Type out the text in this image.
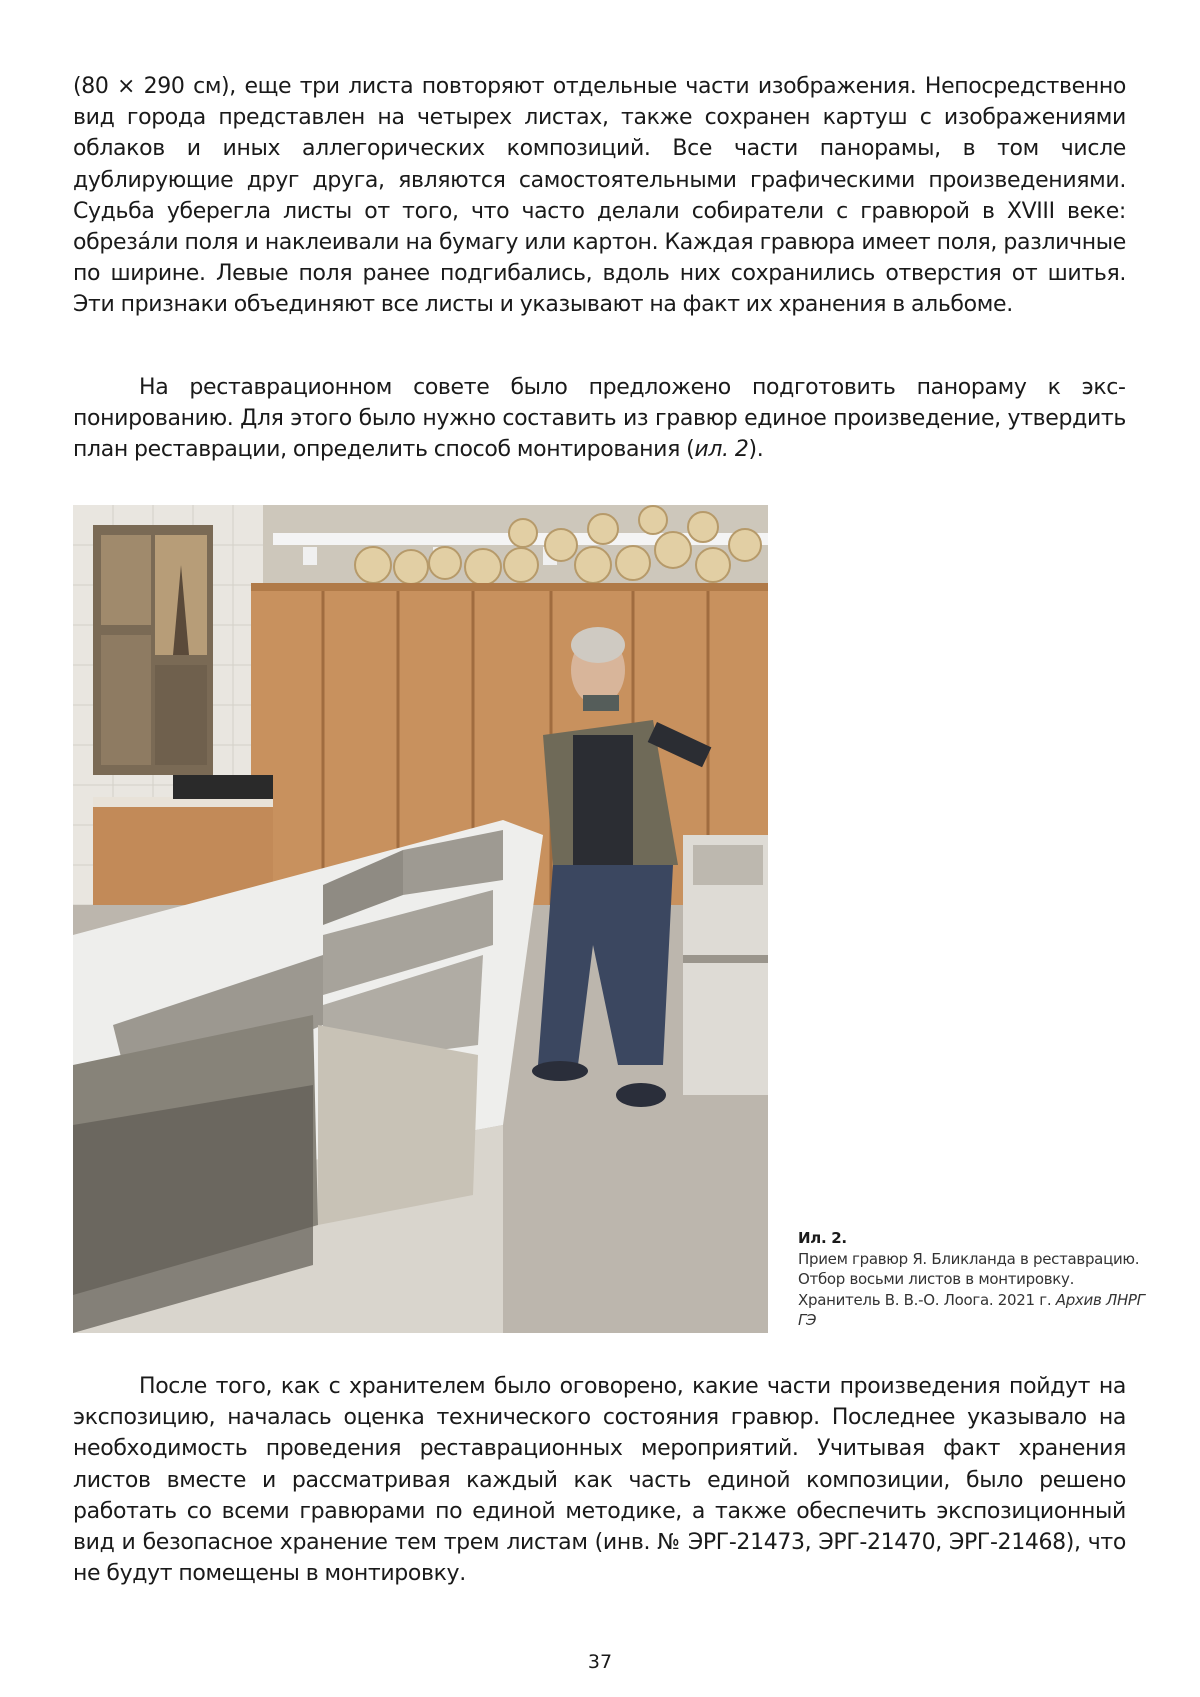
(80 × 290 см), еще три листа повторяют отдельные части изображения. Непосредственно вид города представлен на четырех листах, также сохранен картуш с изображениями облаков и иных аллегорических композиций. Все части панорамы, в том числе дублирующие друг друга, являются самостоятельными графическими произведениями. Судьба уберегла листы от того, что часто делали собиратели с гравюрой в XVIII веке: обрезáли поля и наклеивали на бумагу или картон. Каждая гравюра имеет поля, различные по ширине. Левые поля ранее подгибались, вдоль них сохранились отверстия от шитья. Эти признаки объединяют все листы и указывают на факт их хранения в альбоме.

На реставрационном совете было предложено подготовить панораму к экспонированию. Для этого было нужно составить из гравюр единое произведение, утвердить план реставрации, определить способ монтирования (ил. 2).

Ил. 2.
Прием гравюр Я. Бликланда в реставрацию. Отбор восьми листов в монтировку. Хранитель В. В.-О. Лоога. 2021 г. Архив ЛНРГ ГЭ

После того, как с хранителем было оговорено, какие части произведения пойдут на экспозицию, началась оценка технического состояния гравюр. Последнее указывало на необходимость проведения реставрационных мероприятий. Учитывая факт хранения листов вместе и рассматривая каждый как часть единой композиции, было решено работать со всеми гравюрами по единой методике, а также обеспечить экспозиционный вид и безопасное хранение тем трем листам (инв. № ЭРГ-21473, ЭРГ-21470, ЭРГ-21468), что не будут помещены в монтировку.

37
